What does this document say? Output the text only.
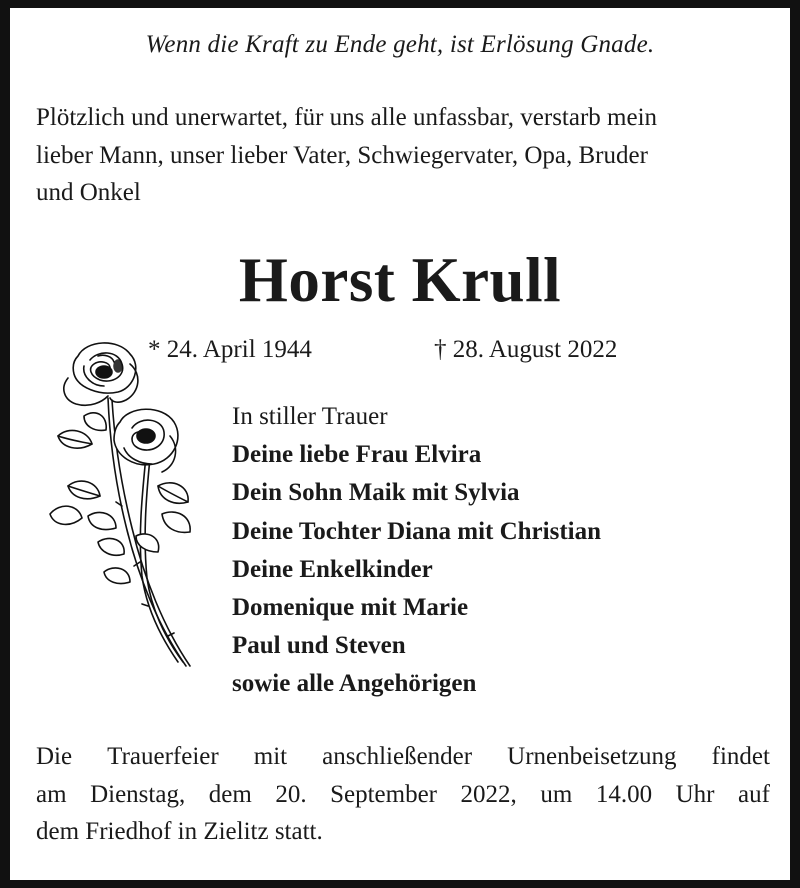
Wenn die Kraft zu Ende geht, ist Erlösung Gnade.
Plötzlich und unerwartet, für uns alle unfassbar, verstarb mein
lieber Mann, unser lieber Vater, Schwiegervater, Opa, Bruder
und Onkel
Horst Krull
* 24. April 1944	† 28. August 2022
In stiller Trauer
Deine liebe Frau Elvira
Dein Sohn Maik mit Sylvia
Deine Tochter Diana mit Christian
Deine Enkelkinder
Domenique mit Marie
Paul und Steven
sowie alle Angehörigen
Die Trauerfeier mit anschließender Urnenbeisetzung findet
am Dienstag, dem 20. September 2022, um 14.00 Uhr auf
dem Friedhof in Zielitz statt.
